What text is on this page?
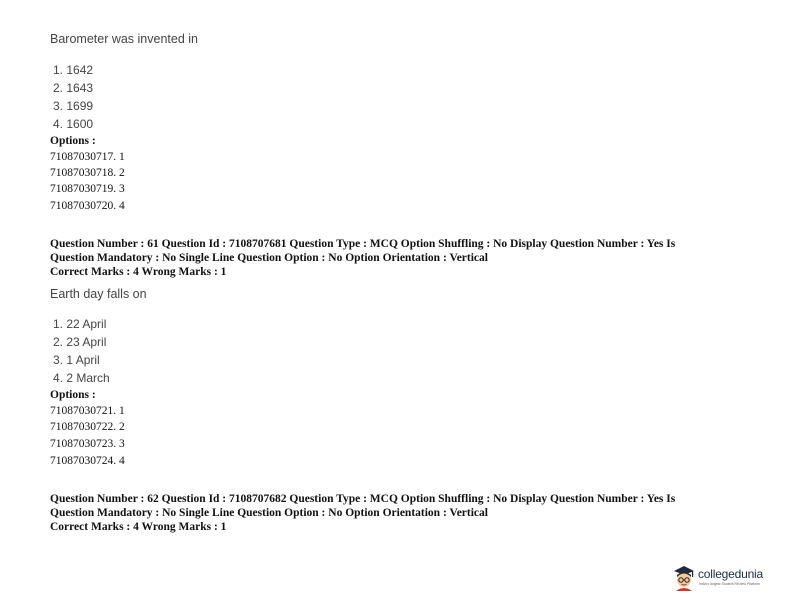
Barometer was invented in
1. 1642
2. 1643
3. 1699
4. 1600
Options :
71087030717. 1
71087030718. 2
71087030719. 3
71087030720. 4
Question Number : 61 Question Id : 7108707681 Question Type : MCQ Option Shuffling : No Display Question Number : Yes Is
Question Mandatory : No Single Line Question Option : No Option Orientation : Vertical
Correct Marks : 4 Wrong Marks : 1
Earth day falls on
1. 22 April
2. 23 April
3. 1 April
4. 2 March
Options :
71087030721. 1
71087030722. 2
71087030723. 3
71087030724. 4
Question Number : 62 Question Id : 7108707682 Question Type : MCQ Option Shuffling : No Display Question Number : Yes Is
Question Mandatory : No Single Line Question Option : No Option Orientation : Vertical
Correct Marks : 4 Wrong Marks : 1
collegedunia
India's largest Student Review Platform
